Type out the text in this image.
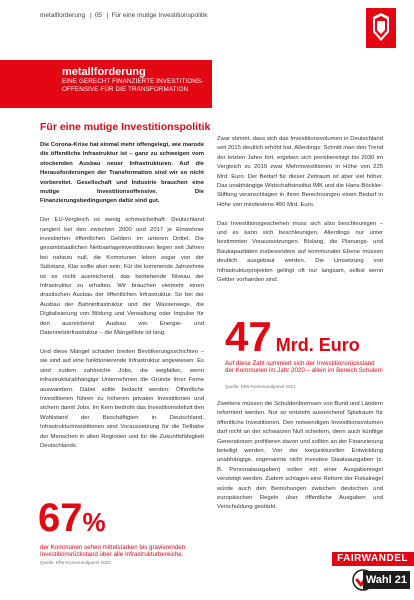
metallforderung | 05 | Für eine mutige Investitionspolitik
metallforderung
EINE GERECHT FINANZIERTE INVESTITIONS-
OFFENSIVE FÜR DIE TRANSFORMATION
Für eine mutige Investitionspolitik

Die Corona-Krise hat einmal mehr offengelegt, wie marode die öffentliche Infrastruktur ist – ganz zu schweigen vom stockenden Ausbau neuer Infrastrukturen. Auf die Herausforderungen der Transformation sind wir so nicht vorbereitet. Gesellschaft und Industrie brauchen eine mutige Investitionsoffensive. Die Finanzierungsbedingungen dafür sind gut.

Der EU-Vergleich ist wenig schmeichelhaft: Deutschland rangiert bei den zwischen 2000 und 2017 je Einwohner investierten öffentlichen Geldern im unteren Drittel. Die gesamtstaatlichen Nettoanlageinvestitionen liegen seit Jahren bei nahezu null, die Kommunen leben sogar von der Substanz. Klar sollte aber sein: Für die kommende Jahrzehnte ist es nicht ausreichend, das bestehende Niveau der Infrastruktur zu erhalten. Wir brauchen vielmehr einen drastischen Ausbau der öffentlichen Infrastruktur. So bei der Ausbau der Bahninfrastruktur und der Wasserwege, die Digitalisierung von Bildung und Verwaltung oder Impulse für den ausreichend Ausbau von Energie- und Datennetzinfrastruktur – die Mängelliste ist lang.

Und diese Mängel schaden breiten Bevölkerungsschichten – sie sind auf eine funktionierende Infrastruktur angewiesen. Es sind zudem zahlreiche Jobs, die wegfallen, wenn infrastrukturabhängige Unternehmen die Gründe ihrer Ferne auswandern. Dabei sollte bedacht werden: Öffentliche Investitionen führen zu höheren privaten Investitionen und sichern damit Jobs. Im Kern bedroht das Investitionsdefizit den Wohlstand der Beschäftigten in Deutschland. Infrastrukturinvestitionen sind Voraussetzung für die Teilhabe der Menschen in allen Regionen und für die Zukunftsfähigkeit Deutschlands.

67%
der Kommunen sehen mittelstarken bis gravierenden Investitionsrückstand über alle Infrastrukturbereiche.
Quelle: KfW-Kommunalpanel 2020

Zwar stimmt, dass sich das Investitionsvolumen in Deutschland seit 2015 deutlich erhöht hat. Allerdings: Schnitt man den Trend der letzten Jahre fort, ergeben sich preisbereinigt bis 2030 im Vergleich zu 2019 zwar Mehrinvestitionen in Höhe von 225 Mrd. Euro. Der Bedarf für dieser Zeitraum ist aber viel höher. Das unabhängige Wirtschaftsinstitut IMK und die Hans-Böckler-Stiftung veranschlagen in ihren Berechnungen einen Bedarf in Höhe von mindestens 450 Mrd. Euro.

Das Investitionsgeschehen muss sich also beschleunigen – und es kann sich beschleunigen. Allerdings nur unter bestimmten Voraussetzungen. Bislang, die Planungs- und Baukapazitäten insbesondere auf kommunaler Ebene müssen deutlich ausgebaut werden. Die Umsetzung von Infrastrukturprojekten gelingt oft nur langsam, selbst wenn Gelder vorhanden sind.

47 Mrd. Euro
Auf diese Zahl summiert sich der Investitionsrückstand der Kommunen im Jahr 2020 – allein im Bereich Schulen!
Quelle: KfW-Kommunalpanel 2021

Zweitens müssen die Schuldenbremsen von Bund und Ländern reformiert werden. Nur so entsteht ausreichend Spielraum für öffentliche Investitionen. Den notwendigen Investitionsvolumen darf nicht an der schwarzen Null scheitern, denn auch künftige Generationen profitieren davon und sollten an der Finanzierung beteiligt werden. Von der konjunkturellen Entwicklung unabhängige, sogenannte nicht investive Staatsausgaben (z. B. Personalausgaben) sollen mit einer Ausgabenregel verstetigt werden. Zudem schlagen eine Reform der Fiskalregel würde auch den Bemühungen zwischen deutschen und europäischen Regeln über öffentliche Ausgaben und Verschuldung gestärkt.

FAIRWANDEL
Wahl 21
